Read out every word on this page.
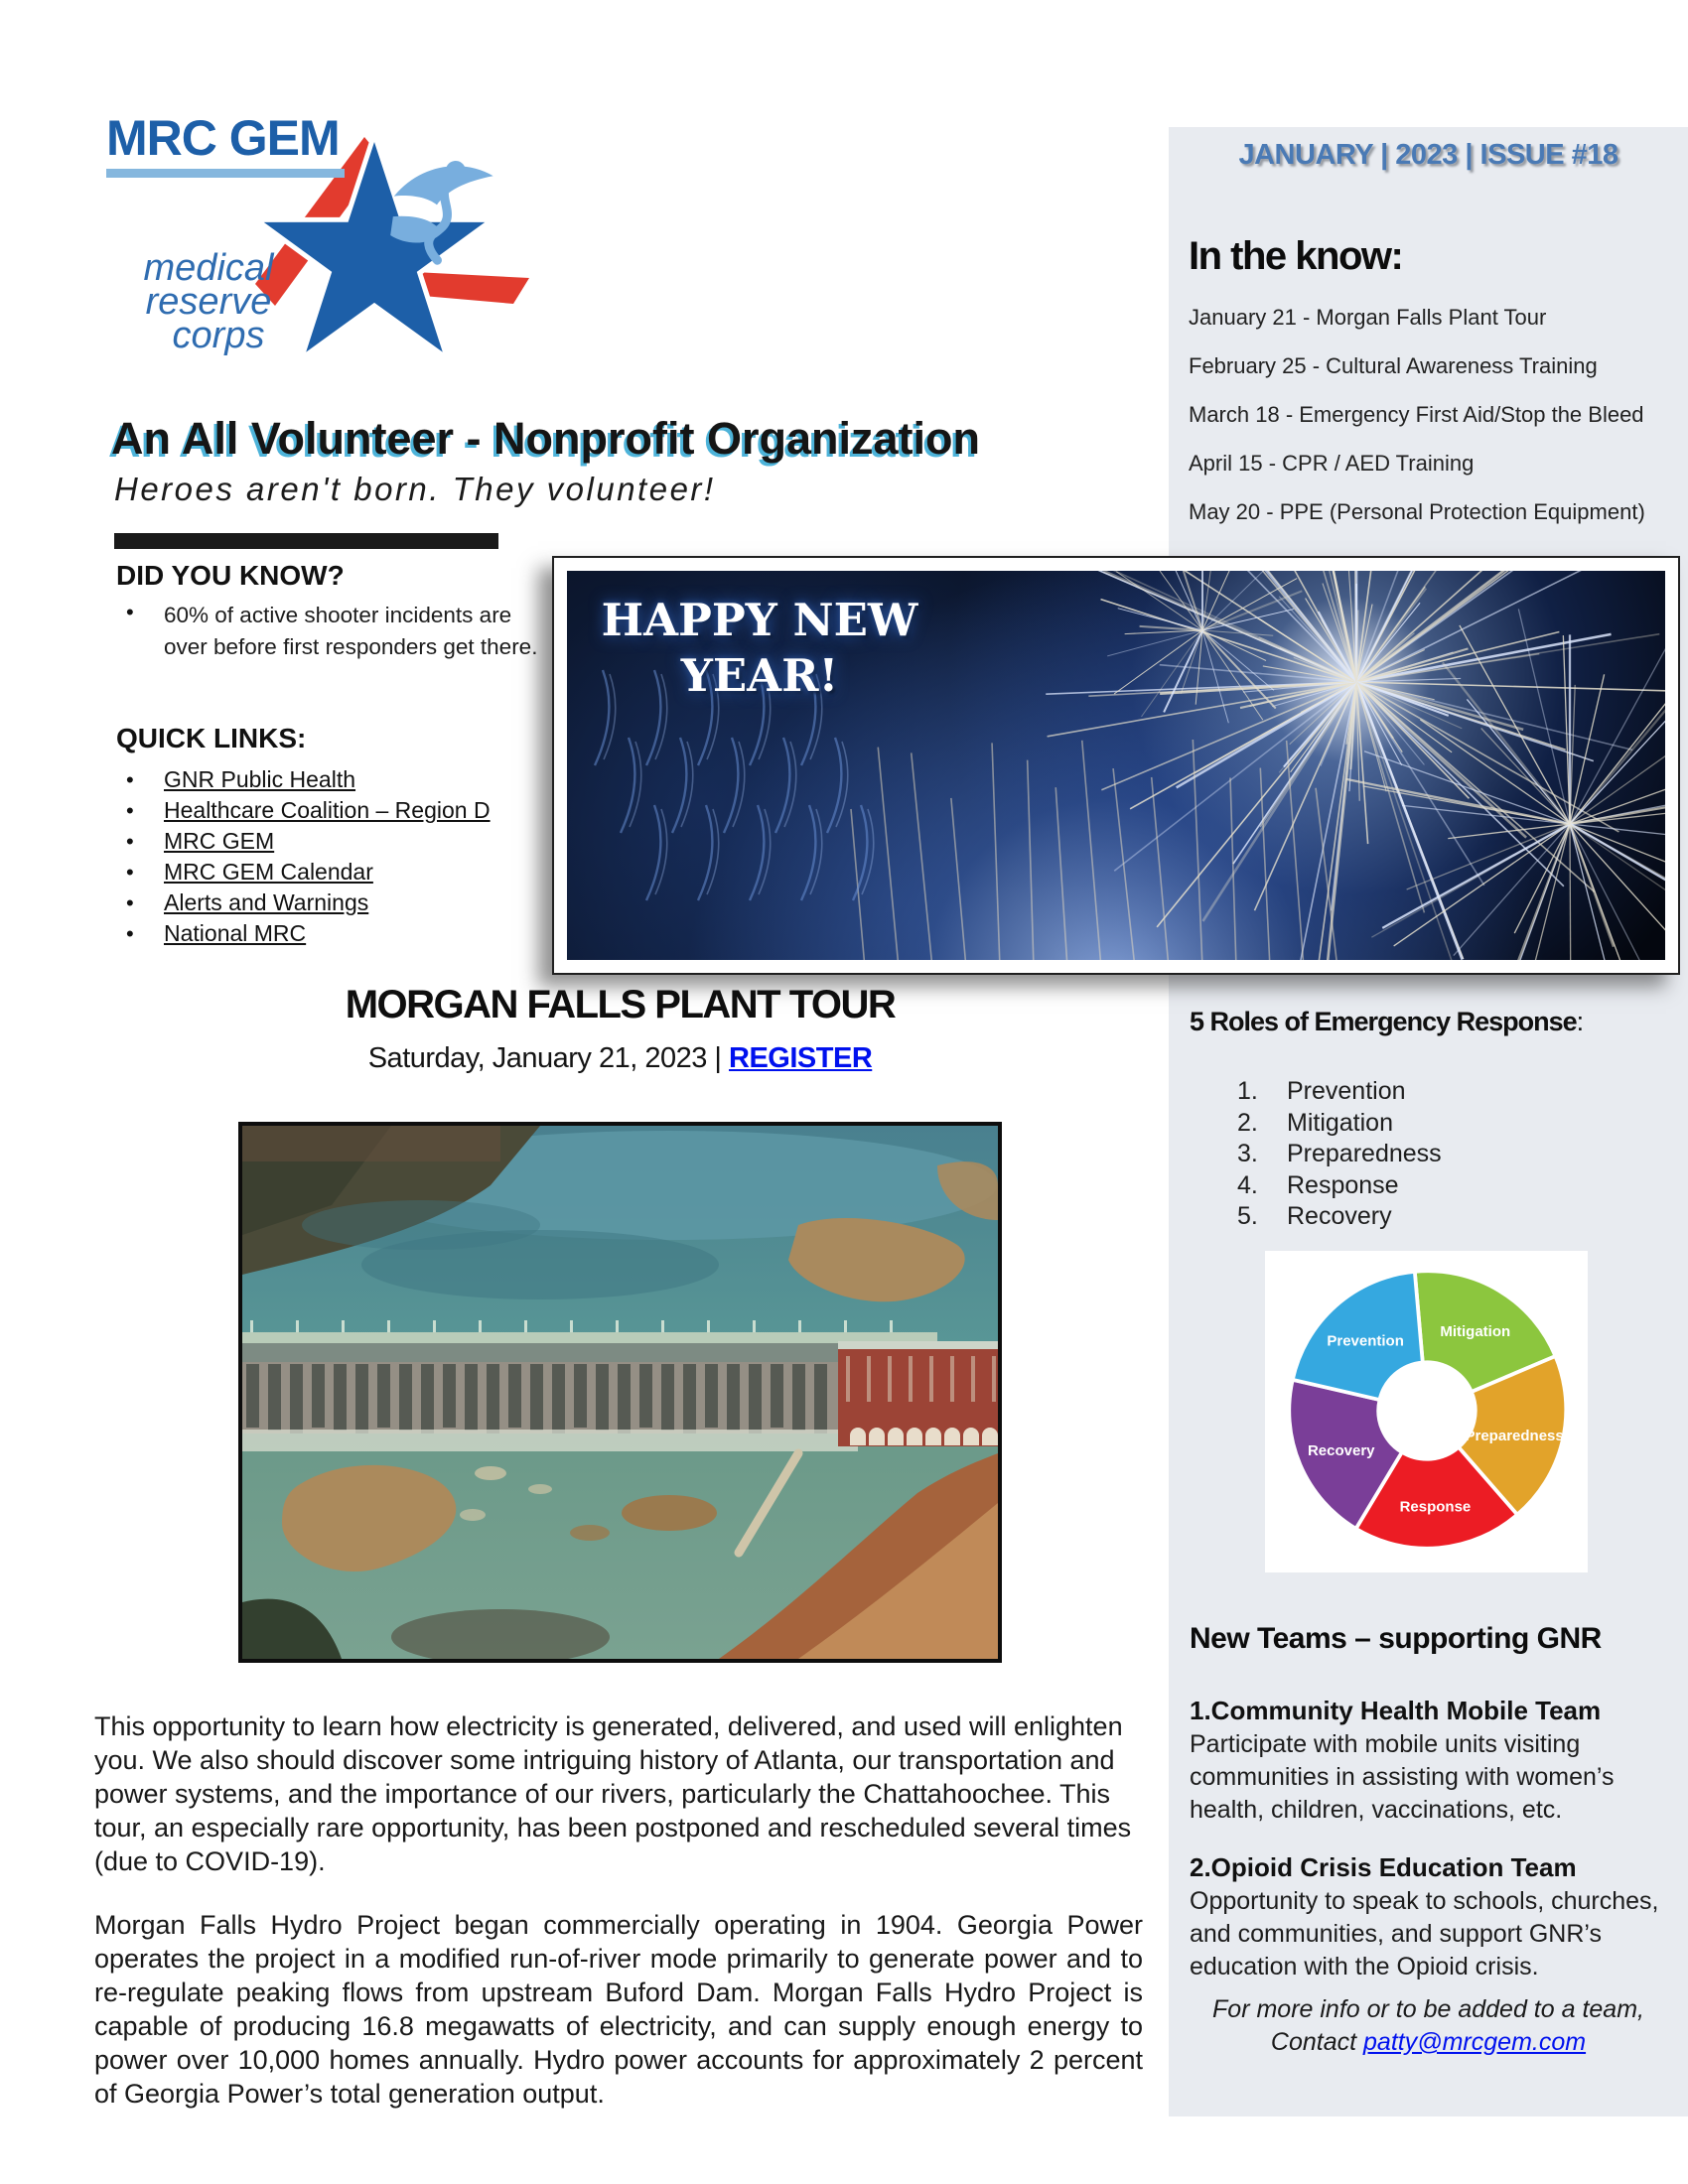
MRC GEM
medical
reserve
corps
JANUARY | 2023 | ISSUE #18
In the know:
January 21 - Morgan Falls Plant Tour
February 25 - Cultural Awareness Training
March 18 - Emergency First Aid/Stop the Bleed
April 15 - CPR / AED Training
May 20 - PPE (Personal Protection Equipment)
An All Volunteer - Nonprofit Organization
Heroes aren't born. They volunteer!
DID YOU KNOW?
• 60% of active shooter incidents are over before first responders get there.
QUICK LINKS:
• GNR Public Health
• Healthcare Coalition – Region D
• MRC GEM
• MRC GEM Calendar
• Alerts and Warnings
• National MRC
HAPPY NEW
YEAR!
MORGAN FALLS PLANT TOUR
Saturday, January 21, 2023 | REGISTER
5 Roles of Emergency Response:
Prevention
Mitigation
Preparedness
Response
Recovery
Prevention
Mitigation
Preparedness
Response
Recovery
New Teams – supporting GNR
1.Community Health Mobile Team
Participate with mobile units visiting communities in assisting with women’s health, children, vaccinations, etc.
2.Opioid Crisis Education Team
Opportunity to speak to schools, churches, and communities, and support GNR’s education with the Opioid crisis.
For more info or to be added to a team,
Contact patty@mrcgem.com
This opportunity to learn how electricity is generated, delivered, and used will enlighten you. We also should discover some intriguing history of Atlanta, our transportation and power systems, and the importance of our rivers, particularly the Chattahoochee. This tour, an especially rare opportunity, has been postponed and rescheduled several times (due to COVID-19).
Morgan Falls Hydro Project began commercially operating in 1904. Georgia Power operates the project in a modified run-of-river mode primarily to generate power and to re-regulate peaking flows from upstream Buford Dam. Morgan Falls Hydro Project is capable of producing 16.8 megawatts of electricity, and can supply enough energy to power over 10,000 homes annually. Hydro power accounts for approximately 2 percent of Georgia Power’s total generation output.
